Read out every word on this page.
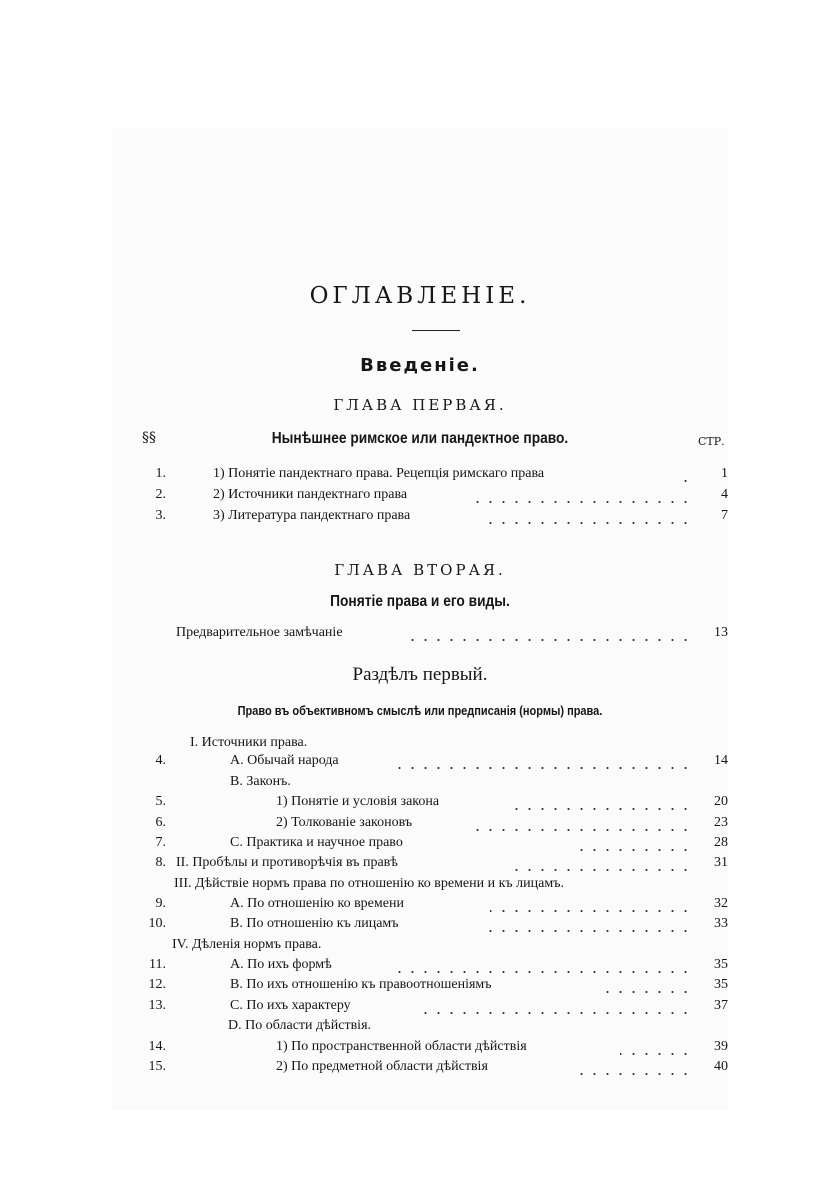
ОГЛАВЛЕНІЕ.
Введеніе.
ГЛАВА ПЕРВАЯ.
§§	Нынѣшнее римское или пандектное право.	СТР.
1.	1) Понятіе пандектнаго права. Рецепція римскаго права	1
2.	2) Источники пандектнаго права	4
3.	3) Литература пандектнаго права	7
ГЛАВА ВТОРАЯ.
Понятіе права и его виды.
Предварительное замѣчаніе	13
Раздѣлъ первый.
Право въ объективномъ смыслѣ или предписанія (нормы) права.
I. Источники права.
4.	А. Обычай народа	14
В. Законъ.
5.	1) Понятіе и условія закона	20
6.	2) Толкованіе законовъ	23
7.	С. Практика и научное право	28
8. II. Пробѣлы и противорѣчія въ правѣ	31
III. Дѣйствіе нормъ права по отношенію ко времени и къ лицамъ.
9.	А. По отношенію ко времени	32
10.	В. По отношенію къ лицамъ	33
IV. Дѣленія нормъ права.
11.	А. По ихъ формѣ	35
12.	В. По ихъ отношенію къ правоотношеніямъ	35
13.	С. По ихъ характеру	37
D. По области дѣйствія.
14.	1) По пространственной области дѣйствія	39
15.	2) По предметной области дѣйствія	40
